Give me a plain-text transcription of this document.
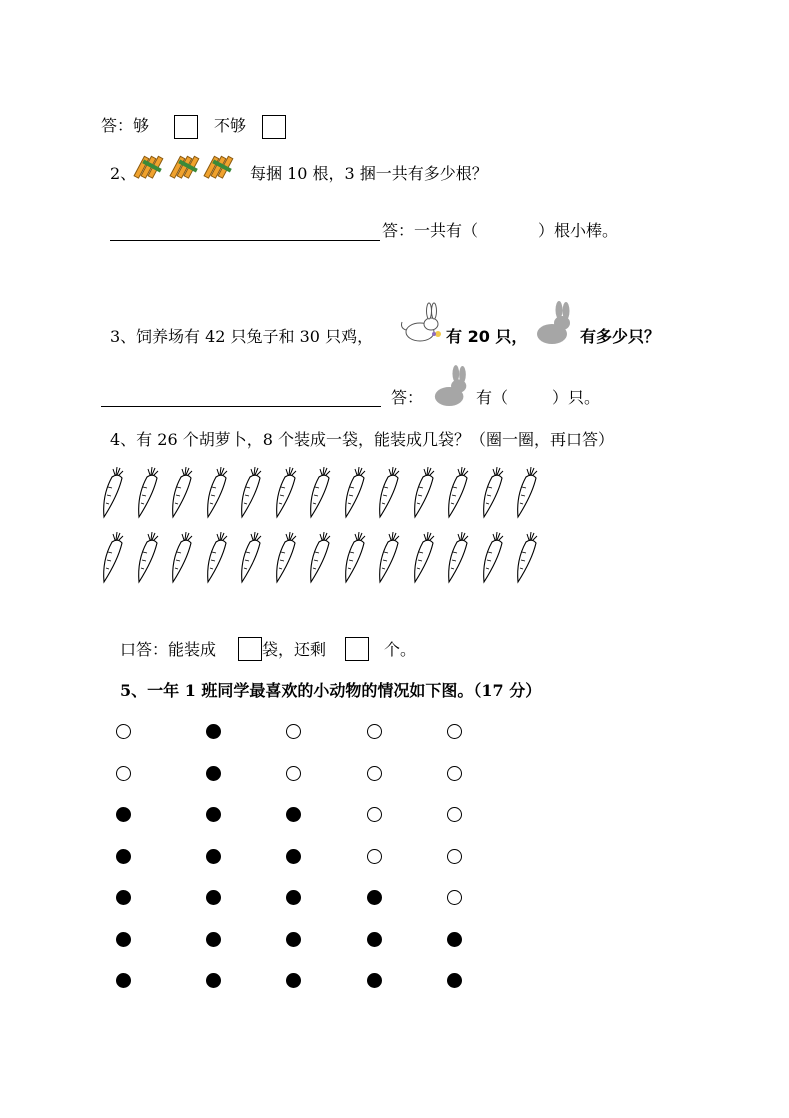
答：够	不够
2、	每捆 10 根，3 捆一共有多少根？
答：一共有（	）根小棒。
3、 饲养场有 42 只兔子和 30 只鸡，	有 20 只，	有多少只？
答：	有（	）只。
4、有 26 个胡萝卜，8 个装成一袋，能装成几袋？（圈一圈，再口答）
口答：能装成	袋，还剩	个。
5、一年 1 班同学最喜欢的小动物的情况如下图。（17 分）
